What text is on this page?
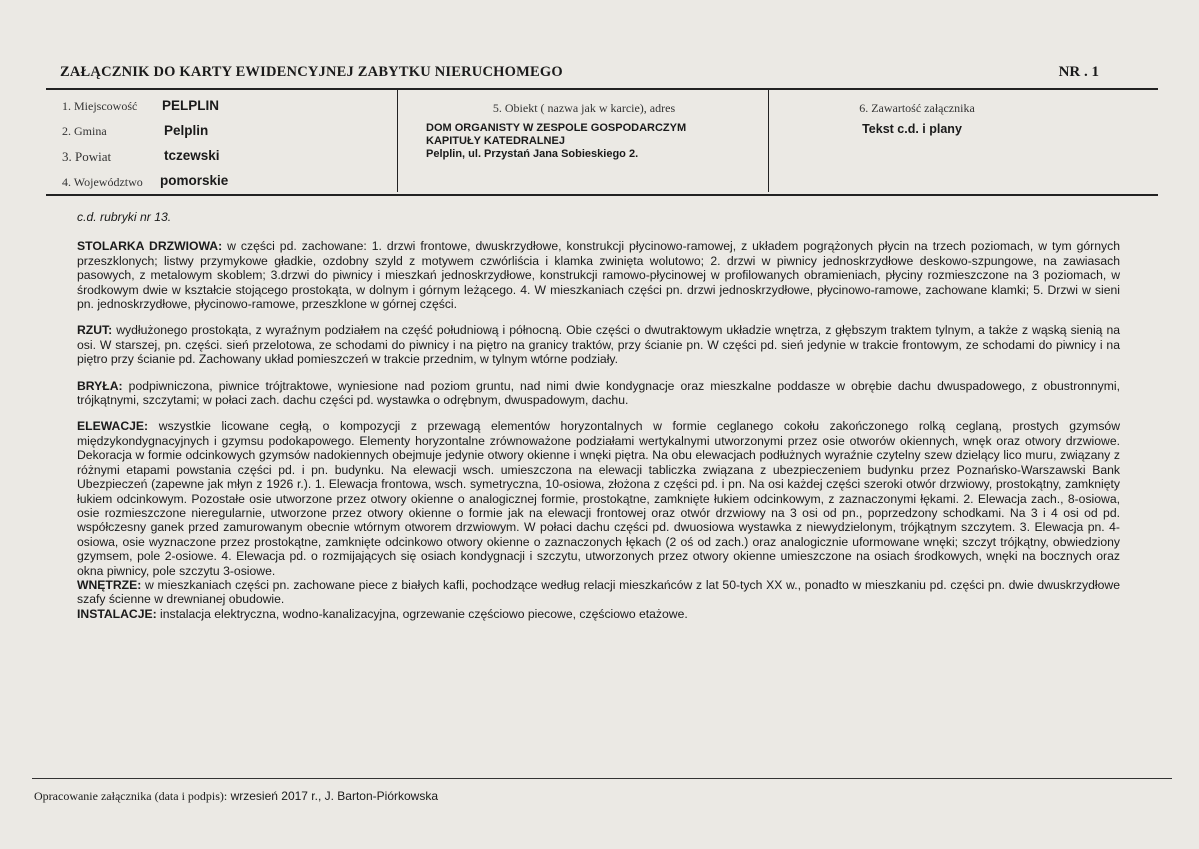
ZAŁĄCZNIK DO KARTY EWIDENCYJNEJ ZABYTKU NIERUCHOMEGO	NR . 1
1. Miejscowość PELPLIN
2. Gmina	Pelplin
3. Powiat	tczewski
4. Województwo pomorskie
5. Obiekt ( nazwa jak w karcie), adres
DOM ORGANISTY W ZESPOLE GOSPODARCZYM
KAPITUŁY KATEDRALNEJ
Pelplin, ul. Przystań Jana Sobieskiego 2.
6. Zawartość załącznika
Tekst c.d. i plany
c.d. rubryki nr 13.

STOLARKA DRZWIOWA: w części pd. zachowane: 1. drzwi frontowe, dwuskrzydłowe, konstrukcji płycinowo-ramowej, z układem pogrążonych płycin na trzech poziomach, w tym górnych przeszklonych; listwy przymykowe gładkie, ozdobny szyld z motywem czwórliścia i klamka zwinięta wolutowo; 2. drzwi w piwnicy jednoskrzydłowe deskowo-szpungowe, na zawiasach pasowych, z metalowym skoblem; 3.drzwi do piwnicy i mieszkań jednoskrzydłowe, konstrukcji ramowo-płycinowej w profilowanych obramieniach, płyciny rozmieszczone na 3 poziomach, w środkowym dwie w kształcie stojącego prostokąta, w dolnym i górnym leżącego. 4. W mieszkaniach części pn. drzwi jednoskrzydłowe, płycinowo-ramowe, zachowane klamki; 5. Drzwi w sieni pn. jednoskrzydłowe, płycinowo-ramowe, przeszklone w górnej części.

RZUT: wydłużonego prostokąta, z wyraźnym podziałem na część południową i północną. Obie części o dwutraktowym układzie wnętrza, z głębszym traktem tylnym, a także z wąską sienią na osi. W starszej, pn. części. sień przelotowa, ze schodami do piwnicy i na piętro na granicy traktów, przy ścianie pn. W części pd. sień jedynie w trakcie frontowym, ze schodami do piwnicy i na piętro przy ścianie pd. Zachowany układ pomieszczeń w trakcie przednim, w tylnym wtórne podziały.

BRYŁA: podpiwniczona, piwnice trójtraktowe, wyniesione nad poziom gruntu, nad nimi dwie kondygnacje oraz mieszkalne poddasze w obrębie dachu dwuspadowego, z obustronnymi, trójkątnymi, szczytami; w połaci zach. dachu części pd. wystawka o odrębnym, dwuspadowym, dachu.

ELEWACJE: wszystkie licowane cegłą, o kompozycji z przewagą elementów horyzontalnych w formie ceglanego cokołu zakończonego rolką ceglaną, prostych gzymsów międzykondygnacyjnych i gzymsu podokapowego. Elementy horyzontalne zrównoważone podziałami wertykalnymi utworzonymi przez osie otworów okiennych, wnęk oraz otwory drzwiowe. Dekoracja w formie odcinkowych gzymsów nadokiennych obejmuje jedynie otwory okienne i wnęki piętra. Na obu elewacjach podłużnych wyraźnie czytelny szew dzielący lico muru, związany z różnymi etapami powstania części pd. i pn. budynku. Na elewacji wsch. umieszczona na elewacji tabliczka związana z ubezpieczeniem budynku przez Poznańsko-Warszawski Bank Ubezpieczeń (zapewne jak młyn z 1926 r.). 1. Elewacja frontowa, wsch. symetryczna, 10-osiowa, złożona z części pd. i pn. Na osi każdej części szeroki otwór drzwiowy, prostokątny, zamknięty łukiem odcinkowym. Pozostałe osie utworzone przez otwory okienne o analogicznej formie, prostokątne, zamknięte łukiem odcinkowym, z zaznaczonymi łękami. 2. Elewacja zach., 8-osiowa, osie rozmieszczone nieregularnie, utworzone przez otwory okienne o formie jak na elewacji frontowej oraz otwór drzwiowy na 3 osi od pn., poprzedzony schodkami. Na 3 i 4 osi od pd. współczesny ganek przed zamurowanym obecnie wtórnym otworem drzwiowym. W połaci dachu części pd. dwuosiowa wystawka z niewydzielonym, trójkątnym szczytem. 3. Elewacja pn. 4-osiowa, osie wyznaczone przez prostokątne, zamknięte odcinkowo otwory okienne o zaznaczonych łękach (2 oś od zach.) oraz analogicznie uformowane wnęki; szczyt trójkątny, obwiedziony gzymsem, pole 2-osiowe. 4. Elewacja pd. o rozmijających się osiach kondygnacji i szczytu, utworzonych przez otwory okienne umieszczone na osiach środkowych, wnęki na bocznych oraz okna piwnicy, pole szczytu 3-osiowe.

WNĘTRZE: w mieszkaniach części pn. zachowane piece z białych kafli, pochodzące według relacji mieszkańców z lat 50-tych XX w., ponadto w mieszkaniu pd. części pn. dwie dwuskrzydłowe szafy ścienne w drewnianej obudowie.

INSTALACJE: instalacja elektryczna, wodno-kanalizacyjna, ogrzewanie częściowo piecowe, częściowo etażowe.

Opracowanie załącznika (data i podpis): wrzesień 2017 r., J. Barton-Piórkowska
